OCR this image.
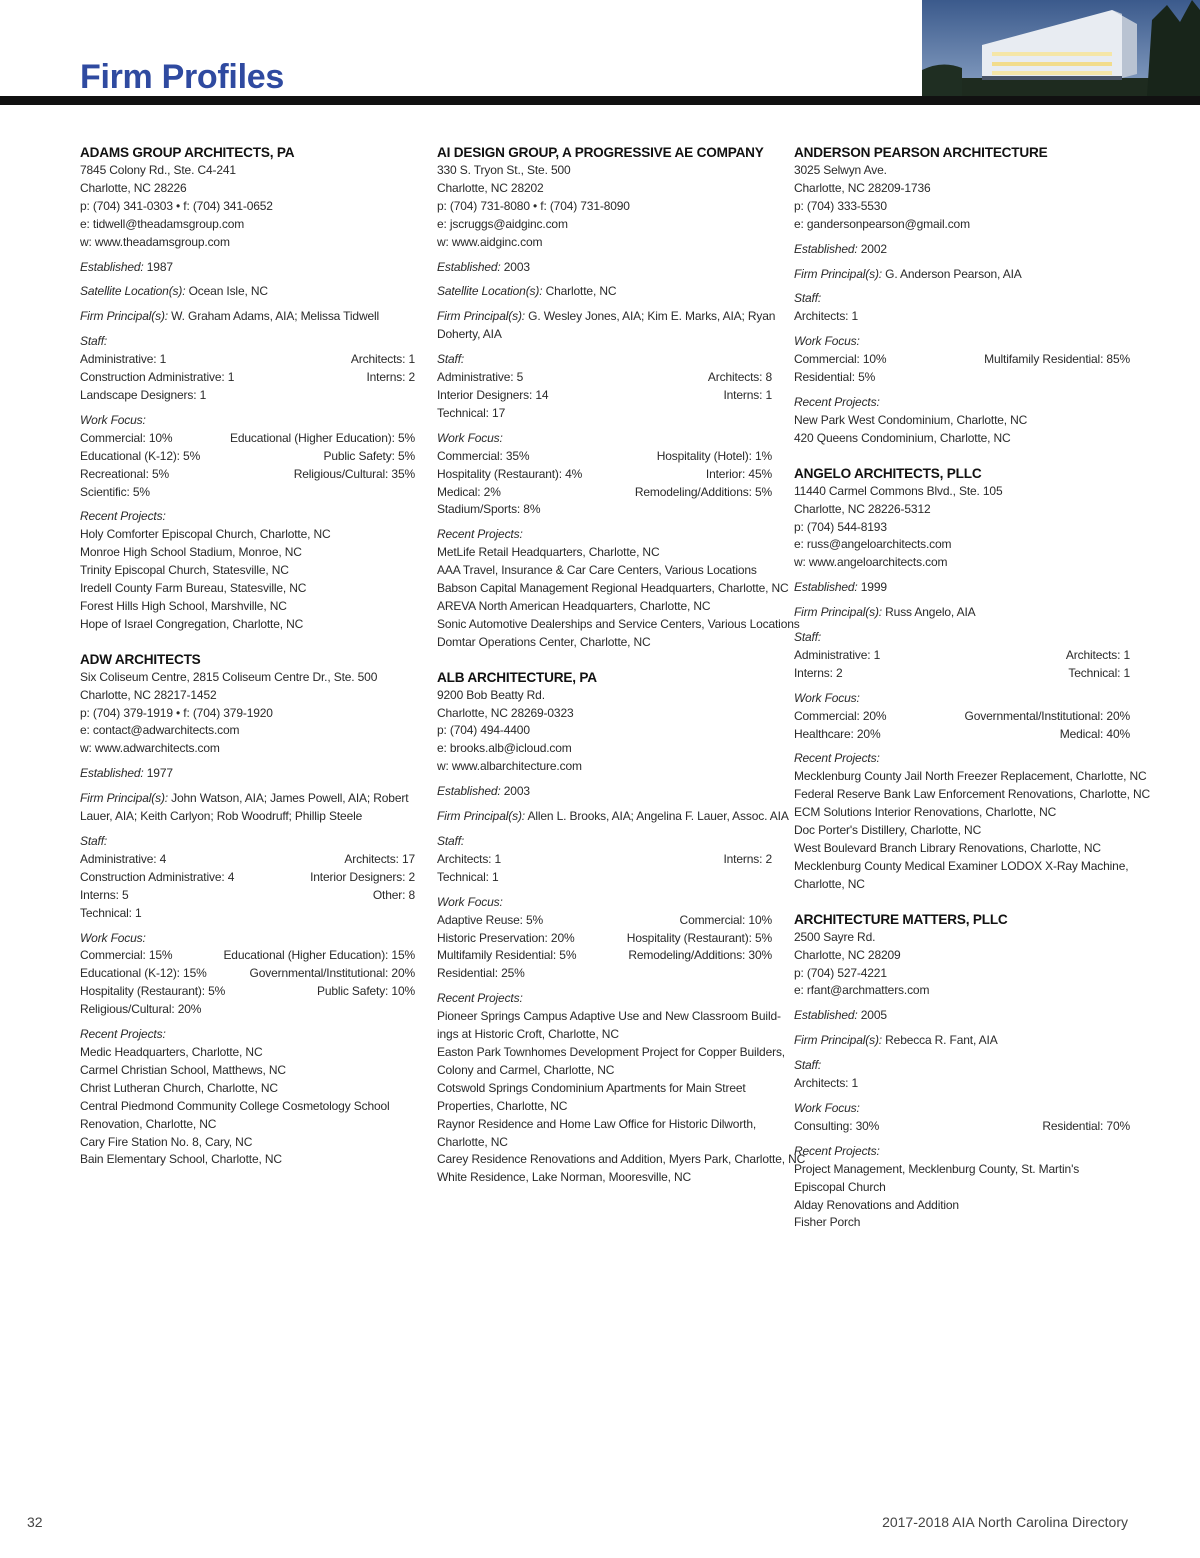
Firm Profiles
ADAMS GROUP ARCHITECTS, PA
7845 Colony Rd., Ste. C4-241
Charlotte, NC 28226
p: (704) 341-0303 • f: (704) 341-0652
e: tidwell@theadamsgroup.com
w: www.theadamsgroup.com
Established: 1987
Satellite Location(s): Ocean Isle, NC
Firm Principal(s): W. Graham Adams, AIA; Melissa Tidwell
Staff:
Administrative: 1	Architects: 1
Construction Administrative: 1	Interns: 2
Landscape Designers: 1
Work Focus:
Commercial: 10%	Educational (Higher Education): 5%
Educational (K-12): 5%	Public Safety: 5%
Recreational: 5%	Religious/Cultural: 35%
Scientific: 5%
Recent Projects:
Holy Comforter Episcopal Church, Charlotte, NC
Monroe High School Stadium, Monroe, NC
Trinity Episcopal Church, Statesville, NC
Iredell County Farm Bureau, Statesville, NC
Forest Hills High School, Marshville, NC
Hope of Israel Congregation, Charlotte, NC
ADW ARCHITECTS
Six Coliseum Centre, 2815 Coliseum Centre Dr., Ste. 500
Charlotte, NC 28217-1452
p: (704) 379-1919 • f: (704) 379-1920
e: contact@adwarchitects.com
w: www.adwarchitects.com
Established: 1977
Firm Principal(s): John Watson, AIA; James Powell, AIA; Robert
Lauer, AIA; Keith Carlyon; Rob Woodruff; Phillip Steele
Staff:
Administrative: 4	Architects: 17
Construction Administrative: 4	Interior Designers: 2
Interns: 5	Other: 8
Technical: 1
Work Focus:
Commercial: 15%	Educational (Higher Education): 15%
Educational (K-12): 15%	Governmental/Institutional: 20%
Hospitality (Restaurant): 5%	Public Safety: 10%
Religious/Cultural: 20%
Recent Projects:
Medic Headquarters, Charlotte, NC
Carmel Christian School, Matthews, NC
Christ Lutheran Church, Charlotte, NC
Central Piedmond Community College Cosmetology School
Renovation, Charlotte, NC
Cary Fire Station No. 8, Cary, NC
Bain Elementary School, Charlotte, NC
AI DESIGN GROUP, A PROGRESSIVE AE COMPANY
330 S. Tryon St., Ste. 500
Charlotte, NC 28202
p: (704) 731-8080 • f: (704) 731-8090
e: jscruggs@aidginc.com
w: www.aidginc.com
Established: 2003
Satellite Location(s): Charlotte, NC
Firm Principal(s): G. Wesley Jones, AIA; Kim E. Marks, AIA; Ryan
Doherty, AIA
Staff:
Administrative: 5	Architects: 8
Interior Designers: 14	Interns: 1
Technical: 17
Work Focus:
Commercial: 35%	Hospitality (Hotel): 1%
Hospitality (Restaurant): 4%	Interior: 45%
Medical: 2%	Remodeling/Additions: 5%
Stadium/Sports: 8%
Recent Projects:
MetLife Retail Headquarters, Charlotte, NC
AAA Travel, Insurance & Car Care Centers, Various Locations
Babson Capital Management Regional Headquarters, Charlotte, NC
AREVA North American Headquarters, Charlotte, NC
Sonic Automotive Dealerships and Service Centers, Various Locations
Domtar Operations Center, Charlotte, NC
ALB ARCHITECTURE, PA
9200 Bob Beatty Rd.
Charlotte, NC 28269-0323
p: (704) 494-4400
e: brooks.alb@icloud.com
w: www.albarchitecture.com
Established: 2003
Firm Principal(s): Allen L. Brooks, AIA; Angelina F. Lauer, Assoc. AIA
Staff:
Architects: 1	Interns: 2
Technical: 1
Work Focus:
Adaptive Reuse: 5%	Commercial: 10%
Historic Preservation: 20%	Hospitality (Restaurant): 5%
Multifamily Residential: 5%	Remodeling/Additions: 30%
Residential: 25%
Recent Projects:
Pioneer Springs Campus Adaptive Use and New Classroom Build-
ings at Historic Croft, Charlotte, NC
Easton Park Townhomes Development Project for Copper Builders,
Colony and Carmel, Charlotte, NC
Cotswold Springs Condominium Apartments for Main Street
Properties, Charlotte, NC
Raynor Residence and Home Law Office for Historic Dilworth,
Charlotte, NC
Carey Residence Renovations and Addition, Myers Park, Charlotte, NC
White Residence, Lake Norman, Mooresville, NC
ANDERSON PEARSON ARCHITECTURE
3025 Selwyn Ave.
Charlotte, NC 28209-1736
p: (704) 333-5530
e: gandersonpearson@gmail.com
Established: 2002
Firm Principal(s): G. Anderson Pearson, AIA
Staff:
Architects: 1
Work Focus:
Commercial: 10%	Multifamily Residential: 85%
Residential: 5%
Recent Projects:
New Park West Condominium, Charlotte, NC
420 Queens Condominium, Charlotte, NC
ANGELO ARCHITECTS, PLLC
11440 Carmel Commons Blvd., Ste. 105
Charlotte, NC 28226-5312
p: (704) 544-8193
e: russ@angeloarchitects.com
w: www.angeloarchitects.com
Established: 1999
Firm Principal(s): Russ Angelo, AIA
Staff:
Administrative: 1	Architects: 1
Interns: 2	Technical: 1
Work Focus:
Commercial: 20%	Governmental/Institutional: 20%
Healthcare: 20%	Medical: 40%
Recent Projects:
Mecklenburg County Jail North Freezer Replacement, Charlotte, NC
Federal Reserve Bank Law Enforcement Renovations, Charlotte, NC
ECM Solutions Interior Renovations, Charlotte, NC
Doc Porter's Distillery, Charlotte, NC
West Boulevard Branch Library Renovations, Charlotte, NC
Mecklenburg County Medical Examiner LODOX X-Ray Machine,
Charlotte, NC
ARCHITECTURE MATTERS, PLLC
2500 Sayre Rd.
Charlotte, NC 28209
p: (704) 527-4221
e: rfant@archmatters.com
Established: 2005
Firm Principal(s): Rebecca R. Fant, AIA
Staff:
Architects: 1
Work Focus:
Consulting: 30%	Residential: 70%
Recent Projects:
Project Management, Mecklenburg County, St. Martin's
Episcopal Church
Alday Renovations and Addition
Fisher Porch
32	2017-2018 AIA North Carolina Directory
